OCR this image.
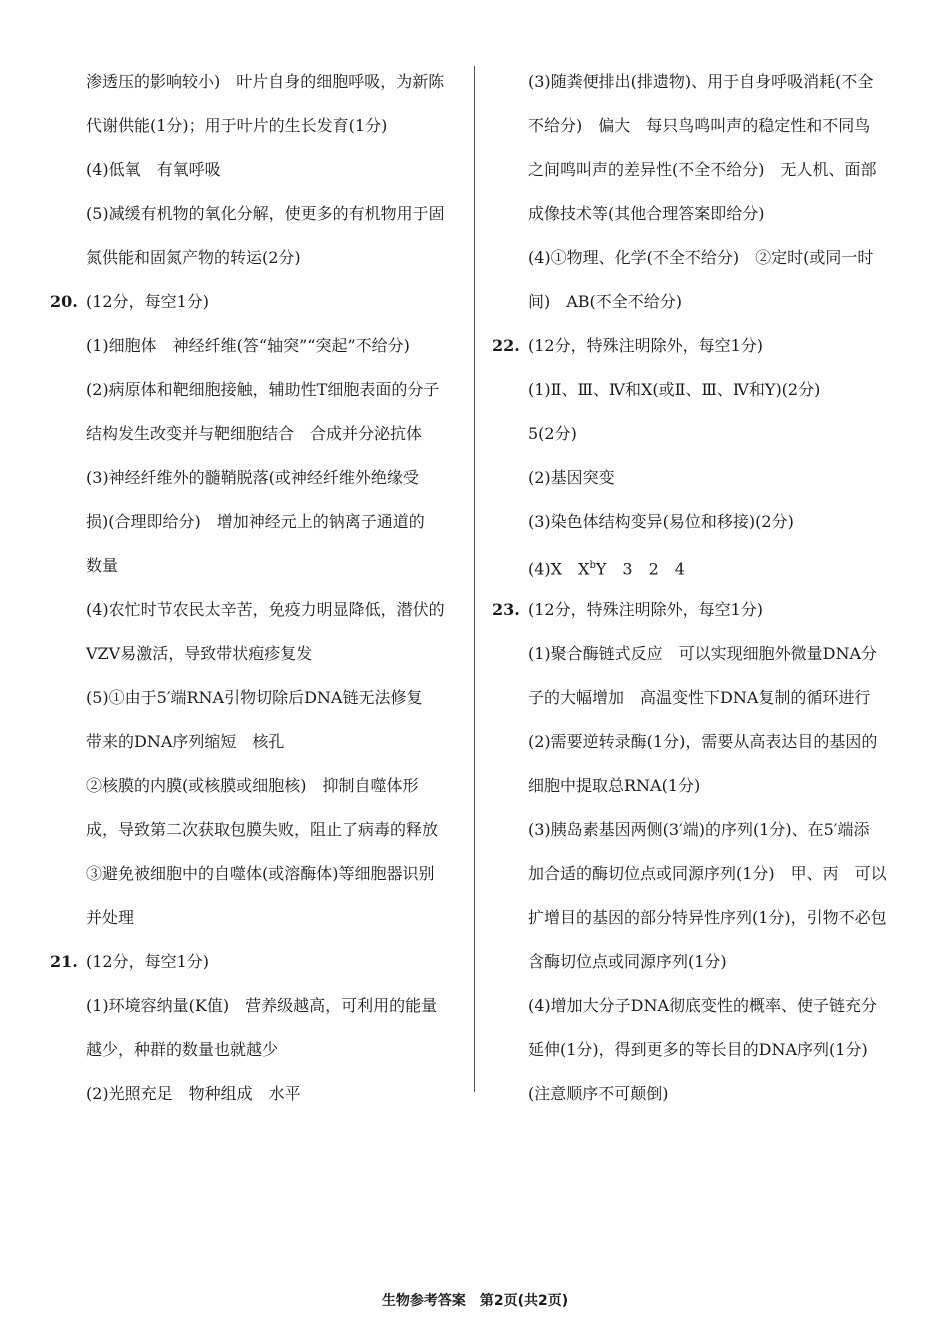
渗透压的影响较小)　叶片自身的细胞呼吸，为新陈
代谢供能(1分)；用于叶片的生长发育(1分)
(4)低氧　有氧呼吸
(5)减缓有机物的氧化分解，使更多的有机物用于固
氮供能和固氮产物的转运(2分)
20. (12分，每空1分)
(1)细胞体　神经纤维(答“轴突”“突起”不给分)
(2)病原体和靶细胞接触，辅助性T细胞表面的分子
结构发生改变并与靶细胞结合　合成并分泌抗体
(3)神经纤维外的髓鞘脱落(或神经纤维外绝缘受
损)(合理即给分)　增加神经元上的钠离子通道的
数量
(4)农忙时节农民太辛苦，免疫力明显降低，潜伏的
VZV易激活，导致带状疱疹复发
(5)①由于5′端RNA引物切除后DNA链无法修复
带来的DNA序列缩短　核孔
②核膜的内膜(或核膜或细胞核)　抑制自噬体形
成，导致第二次获取包膜失败，阻止了病毒的释放
③避免被细胞中的自噬体(或溶酶体)等细胞器识别
并处理
21. (12分，每空1分)
(1)环境容纳量(K值)　营养级越高，可利用的能量
越少，种群的数量也就越少
(2)光照充足　物种组成　水平
(3)随粪便排出(排遗物)、用于自身呼吸消耗(不全
不给分)　偏大　每只鸟鸣叫声的稳定性和不同鸟
之间鸣叫声的差异性(不全不给分)　无人机、面部
成像技术等(其他合理答案即给分)
(4)①物理、化学(不全不给分)　②定时(或同一时
间)　AB(不全不给分)
22. (12分，特殊注明除外，每空1分)
(1)Ⅱ、Ⅲ、Ⅳ和X(或Ⅱ、Ⅲ、Ⅳ和Y)(2分)
5(2分)
(2)基因突变
(3)染色体结构变异(易位和移接)(2分)
(4)X　$X^bY$　3　2　4
23. (12分，特殊注明除外，每空1分)
(1)聚合酶链式反应　可以实现细胞外微量DNA分
子的大幅增加　高温变性下DNA复制的循环进行
(2)需要逆转录酶(1分)，需要从高表达目的基因的
细胞中提取总RNA(1分)
(3)胰岛素基因两侧(3′端)的序列(1分)、在5′端添
加合适的酶切位点或同源序列(1分)　甲、丙　可以
扩增目的基因的部分特异性序列(1分)，引物不必包
含酶切位点或同源序列(1分)
(4)增加大分子DNA彻底变性的概率、使子链充分
延伸(1分)，得到更多的等长目的DNA序列(1分)
(注意顺序不可颠倒)
生物参考答案　第2页(共2页)
